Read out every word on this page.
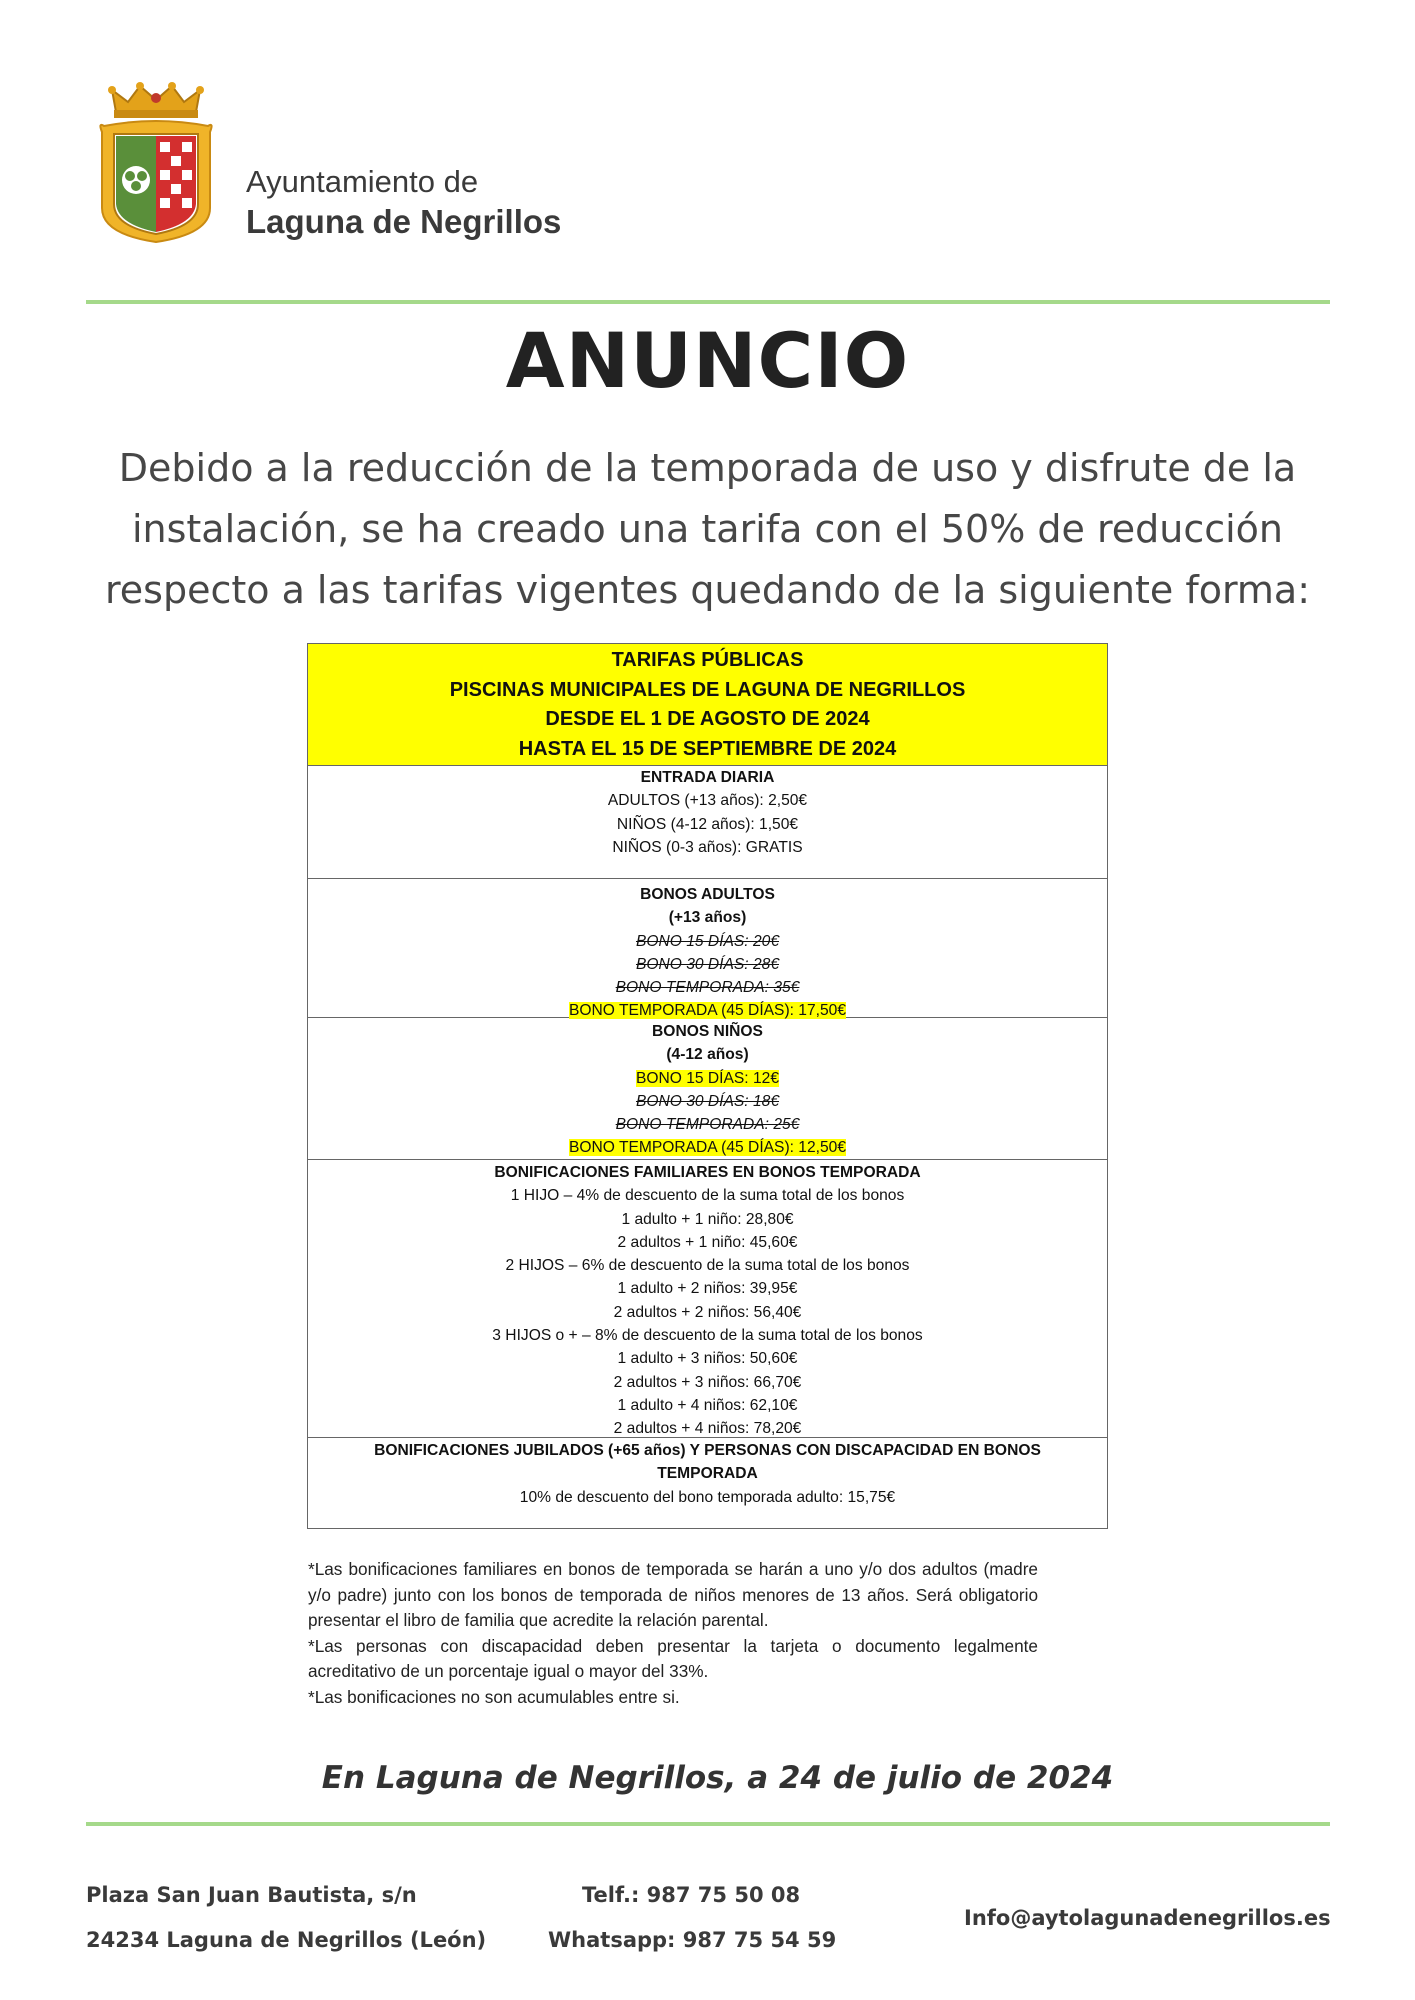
Ayuntamiento de
Laguna de Negrillos
ANUNCIO
Debido a la reducción de la temporada de uso y disfrute de la
instalación, se ha creado una tarifa con el 50% de reducción
respecto a las tarifas vigentes quedando de la siguiente forma:
TARIFAS PÚBLICAS
PISCINAS MUNICIPALES DE LAGUNA DE NEGRILLOS
DESDE EL 1 DE AGOSTO DE 2024
HASTA EL 15 DE SEPTIEMBRE DE 2024
ENTRADA DIARIA
ADULTOS (+13 años): 2,50€
NIÑOS (4-12 años): 1,50€
NIÑOS (0-3 años): GRATIS
BONOS ADULTOS
(+13 años)
BONO 15 DÍAS: 20€
BONO 30 DÍAS: 28€
BONO TEMPORADA: 35€
BONO TEMPORADA (45 DÍAS): 17,50€
BONOS NIÑOS
(4-12 años)
BONO 15 DÍAS: 12€
BONO 30 DÍAS: 18€
BONO TEMPORADA: 25€
BONO TEMPORADA (45 DÍAS): 12,50€
BONIFICACIONES FAMILIARES EN BONOS TEMPORADA
1 HIJO – 4% de descuento de la suma total de los bonos
1 adulto + 1 niño: 28,80€
2 adultos + 1 niño: 45,60€
2 HIJOS – 6% de descuento de la suma total de los bonos
1 adulto + 2 niños: 39,95€
2 adultos + 2 niños: 56,40€
3 HIJOS o + – 8% de descuento de la suma total de los bonos
1 adulto + 3 niños: 50,60€
2 adultos + 3 niños: 66,70€
1 adulto + 4 niños: 62,10€
2 adultos + 4 niños: 78,20€
BONIFICACIONES JUBILADOS (+65 años) Y PERSONAS CON DISCAPACIDAD EN BONOS
TEMPORADA
10% de descuento del bono temporada adulto: 15,75€

*Las bonificaciones familiares en bonos de temporada se harán a uno y/o dos adultos (madre y/o padre) junto con los bonos de temporada de niños menores de 13 años. Será obligatorio presentar el libro de familia que acredite la relación parental.

*Las personas con discapacidad deben presentar la tarjeta o documento legalmente acreditativo de un porcentaje igual o mayor del 33%.

*Las bonificaciones no son acumulables entre si.

En Laguna de Negrillos, a 24 de julio de 2024
Plaza San Juan Bautista, s/n
24234 Laguna de Negrillos (León)
Telf.: 987 75 50 08
Whatsapp: 987 75 54 59
Info@aytolagunadenegrillos.es
